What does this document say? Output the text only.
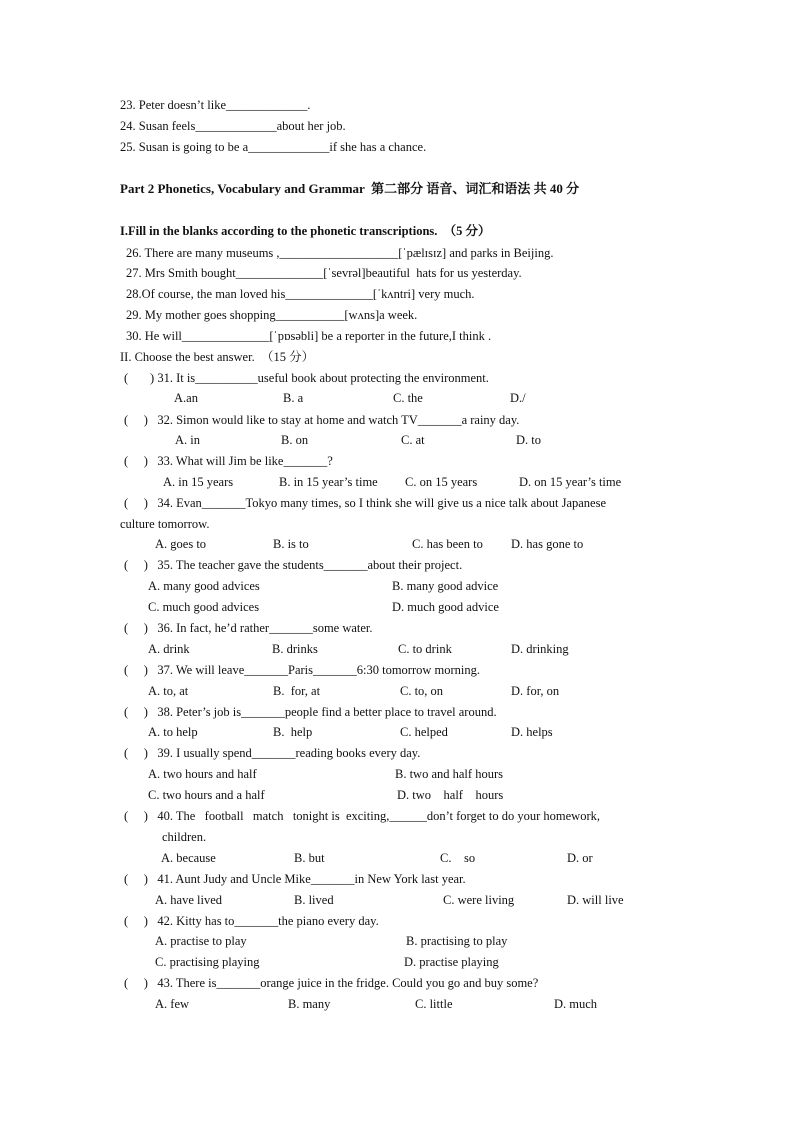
23. Peter doesn’t like_____________.
24. Susan feels_____________about her job.
25. Susan is going to be a_____________if she has a chance.
Part 2 Phonetics, Vocabulary and Grammar  第二部分 语音、词汇和语法 共 40 分
I.Fill in the blanks according to the phonetic transcriptions.  （5 分）
26. There are many museums ,___________________[ˈpælɪsɪz] and parks in Beijing.
27. Mrs Smith bought______________[ˈsevrəl]beautiful  hats for us yesterday.
28.Of course, the man loved his______________[ˈkʌntri] very much.
29. My mother goes shopping___________[wʌns]a week.
30. He will______________[ˈpɒsəbli] be a reporter in the future,I think .
II. Choose the best answer.  （15 分）
(       ) 31. It is__________useful book about protecting the environment.
A.an	B. a	C. the	D./
(     )   32. Simon would like to stay at home and watch TV_______a rainy day.
A. in	B. on	C. at	D. to
(     )   33. What will Jim be like_______?
A. in 15 years	B. in 15 year’s time C. on 15 years	D. on 15 year’s time
(     )   34. Evan_______Tokyo many times, so I think she will give us a nice talk about Japanese
culture tomorrow.
A. goes to	B. is to	C. has been to D. has gone to
(     )   35. The teacher gave the students_______about their project.
A. many good advices	B. many good advice
C. much good advices	D. much good advice
(     )   36. In fact, he’d rather_______some water.
A. drink	B. drinks	C. to drink	D. drinking
(     )   37. We will leave_______Paris_______6:30 tomorrow morning.
A. to, at	B.  for, at	C. to, on	D. for, on
(     )   38. Peter’s job is_______people find a better place to travel around.
A. to help	B.  help	C. helped	D. helps
(     )   39. I usually spend_______reading books every day.
A. two hours and half	B. two and half hours
C. two hours and a half	D. two    half    hours
(     )   40. The   football   match   tonight is  exciting,______don’t forget to do your homework,
children.
A. because	B. but	C.    so	D. or
(     )   41. Aunt Judy and Uncle Mike_______in New York last year.
A. have lived	B. lived	C. were living	D. will live
(     )   42. Kitty has to_______the piano every day.
A. practise to play	B. practising to play
C. practising playing	D. practise playing
(     )   43. There is_______orange juice in the fridge. Could you go and buy some?
A. few	B. many	C. little	D. much
